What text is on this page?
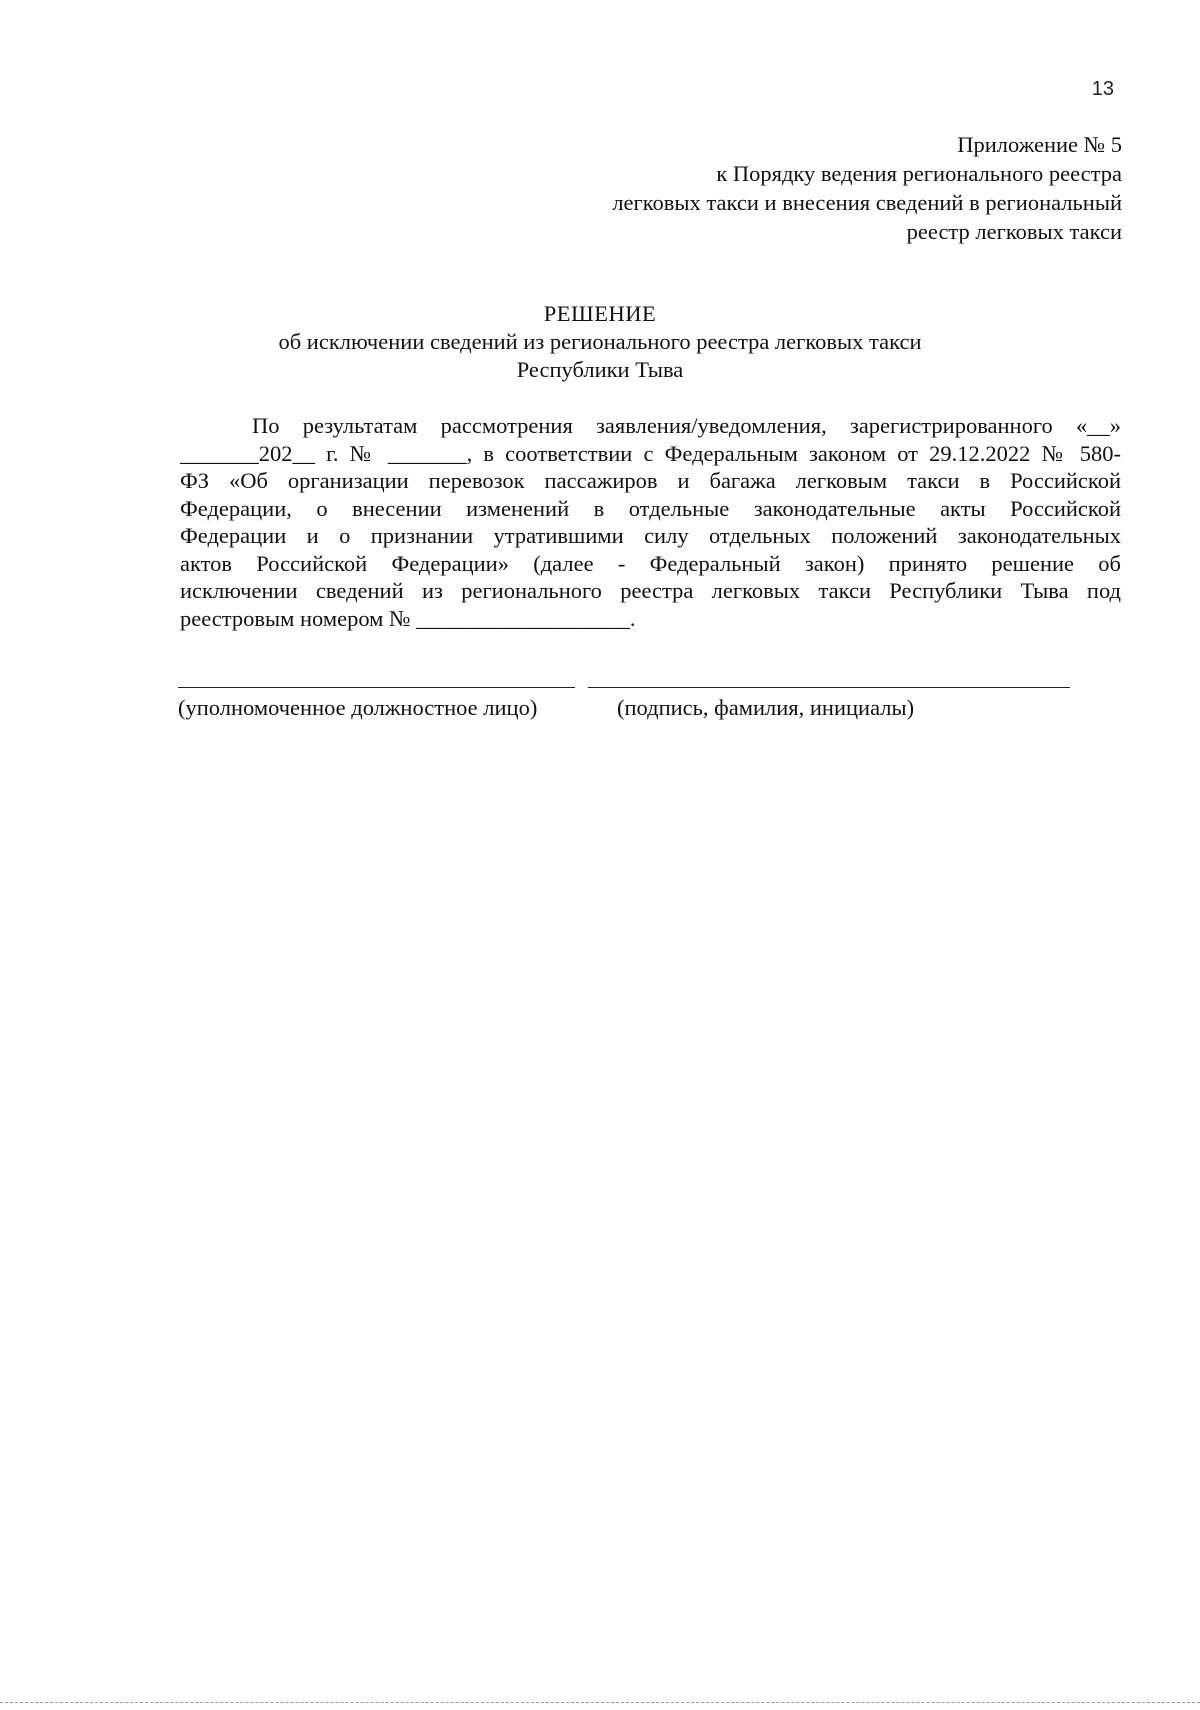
13
Приложение № 5
к Порядку ведения регионального реестра
легковых такси и внесения сведений в региональный
реестр легковых такси
РЕШЕНИЕ
об исключении сведений из регионального реестра легковых такси
Республики Тыва
По результатам рассмотрения заявления/уведомления, зарегистрированного «__»
_______202__ г. № _______, в соответствии с Федеральным законом от 29.12.2022 № 580-
ФЗ «Об организации перевозок пассажиров и багажа легковым такси в Российской
Федерации, о внесении изменений в отдельные законодательные акты Российской
Федерации и о признании утратившими силу отдельных положений законодательных
актов Российской Федерации» (далее - Федеральный закон) принято решение об
исключении сведений из регионального реестра легковых такси Республики Тыва под
реестровым номером № ___________________.
(уполномоченное должностное лицо)	(подпись, фамилия, инициалы)
